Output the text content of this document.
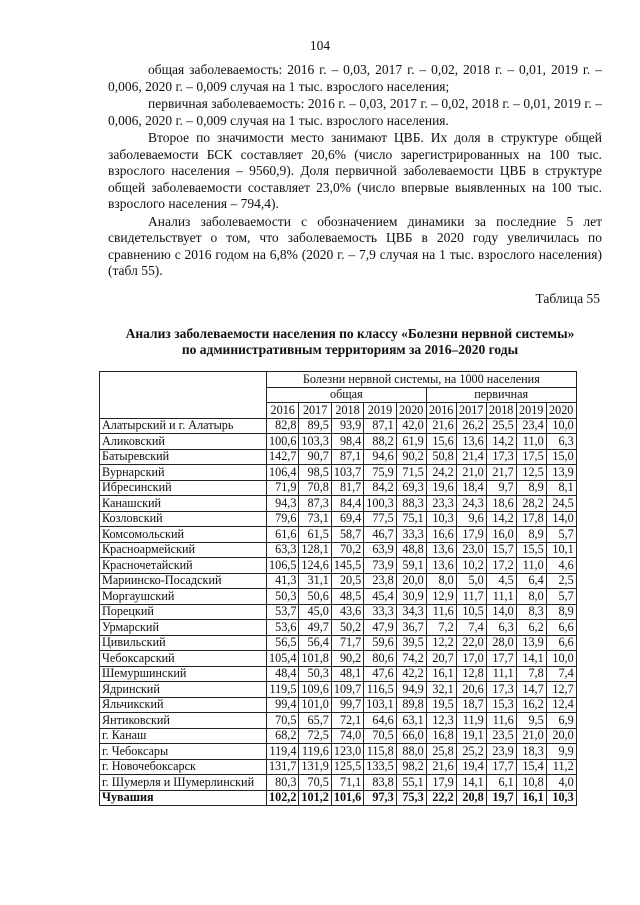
104

общая заболеваемость: 2016 г. – 0,03, 2017 г. – 0,02, 2018 г. – 0,01, 2019 г. – 0,006, 2020 г. – 0,009 случая на 1 тыс. взрослого населения;

первичная заболеваемость: 2016 г. – 0,03, 2017 г. – 0,02, 2018 г. – 0,01, 2019 г. – 0,006, 2020 г. – 0,009 случая на 1 тыс. взрослого населения.

Второе по значимости место занимают ЦВБ. Их доля в структуре общей заболеваемости БСК составляет 20,6% (число зарегистрированных на 100 тыс. взрослого населения – 9560,9). Доля первичной заболеваемости ЦВБ в структуре общей заболеваемости составляет 23,0% (число впервые выявленных на 100 тыс. взрослого населения – 794,4).

Анализ заболеваемости с обозначением динамики за последние 5 лет свидетельствует о том, что заболеваемость ЦВБ в 2020 году увеличилась по сравнению с 2016 годом на 6,8% (2020 г. – 7,9 случая на 1 тыс. взрослого населения) (табл 55).

Таблица 55
Анализ заболеваемости населения по классу «Болезни нервной системы»
по административным территориям за 2016–2020 годы
	Болезни нервной системы, на 1000 населения									
	общая					первичная				
	2016	2017	2018	2019	2020	2016	2017	2018	2019	2020
Алатырский и г. Алатырь	82,8	89,5	93,9	87,1	42,0	21,6	26,2	25,5	23,4	10,0
Аликовский	100,6	103,3	98,4	88,2	61,9	15,6	13,6	14,2	11,0	6,3
Батыревский	142,7	90,7	87,1	94,6	90,2	50,8	21,4	17,3	17,5	15,0
Вурнарский	106,4	98,5	103,7	75,9	71,5	24,2	21,0	21,7	12,5	13,9
Ибресинский	71,9	70,8	81,7	84,2	69,3	19,6	18,4	9,7	8,9	8,1
Канашский	94,3	87,3	84,4	100,3	88,3	23,3	24,3	18,6	28,2	24,5
Козловский	79,6	73,1	69,4	77,5	75,1	10,3	9,6	14,2	17,8	14,0
Комсомольский	61,6	61,5	58,7	46,7	33,3	16,6	17,9	16,0	8,9	5,7
Красноармейский	63,3	128,1	70,2	63,9	48,8	13,6	23,0	15,7	15,5	10,1
Красночетайский	106,5	124,6	145,5	73,9	59,1	13,6	10,2	17,2	11,0	4,6
Мариинско-Посадский	41,3	31,1	20,5	23,8	20,0	8,0	5,0	4,5	6,4	2,5
Моргаушский	50,3	50,6	48,5	45,4	30,9	12,9	11,7	11,1	8,0	5,7
Порецкий	53,7	45,0	43,6	33,3	34,3	11,6	10,5	14,0	8,3	8,9
Урмарский	53,6	49,7	50,2	47,9	36,7	7,2	7,4	6,3	6,2	6,6
Цивильский	56,5	56,4	71,7	59,6	39,5	12,2	22,0	28,0	13,9	6,6
Чебоксарский	105,4	101,8	90,2	80,6	74,2	20,7	17,0	17,7	14,1	10,0
Шемуршинский	48,4	50,3	48,1	47,6	42,2	16,1	12,8	11,1	7,8	7,4
Ядринский	119,5	109,6	109,7	116,5	94,9	32,1	20,6	17,3	14,7	12,7
Яльчикский	99,4	101,0	99,7	103,1	89,8	19,5	18,7	15,3	16,2	12,4
Янтиковский	70,5	65,7	72,1	64,6	63,1	12,3	11,9	11,6	9,5	6,9
г. Канаш	68,2	72,5	74,0	70,5	66,0	16,8	19,1	23,5	21,0	20,0
г. Чебоксары	119,4	119,6	123,0	115,8	88,0	25,8	25,2	23,9	18,3	9,9
г. Новочебоксарск	131,7	131,9	125,5	133,5	98,2	21,6	19,4	17,7	15,4	11,2
г. Шумерля и Шумерлинский	80,3	70,5	71,1	83,8	55,1	17,9	14,1	6,1	10,8	4,0
Чувашия	102,2	101,2	101,6	97,3	75,3	22,2	20,8	19,7	16,1	10,3
